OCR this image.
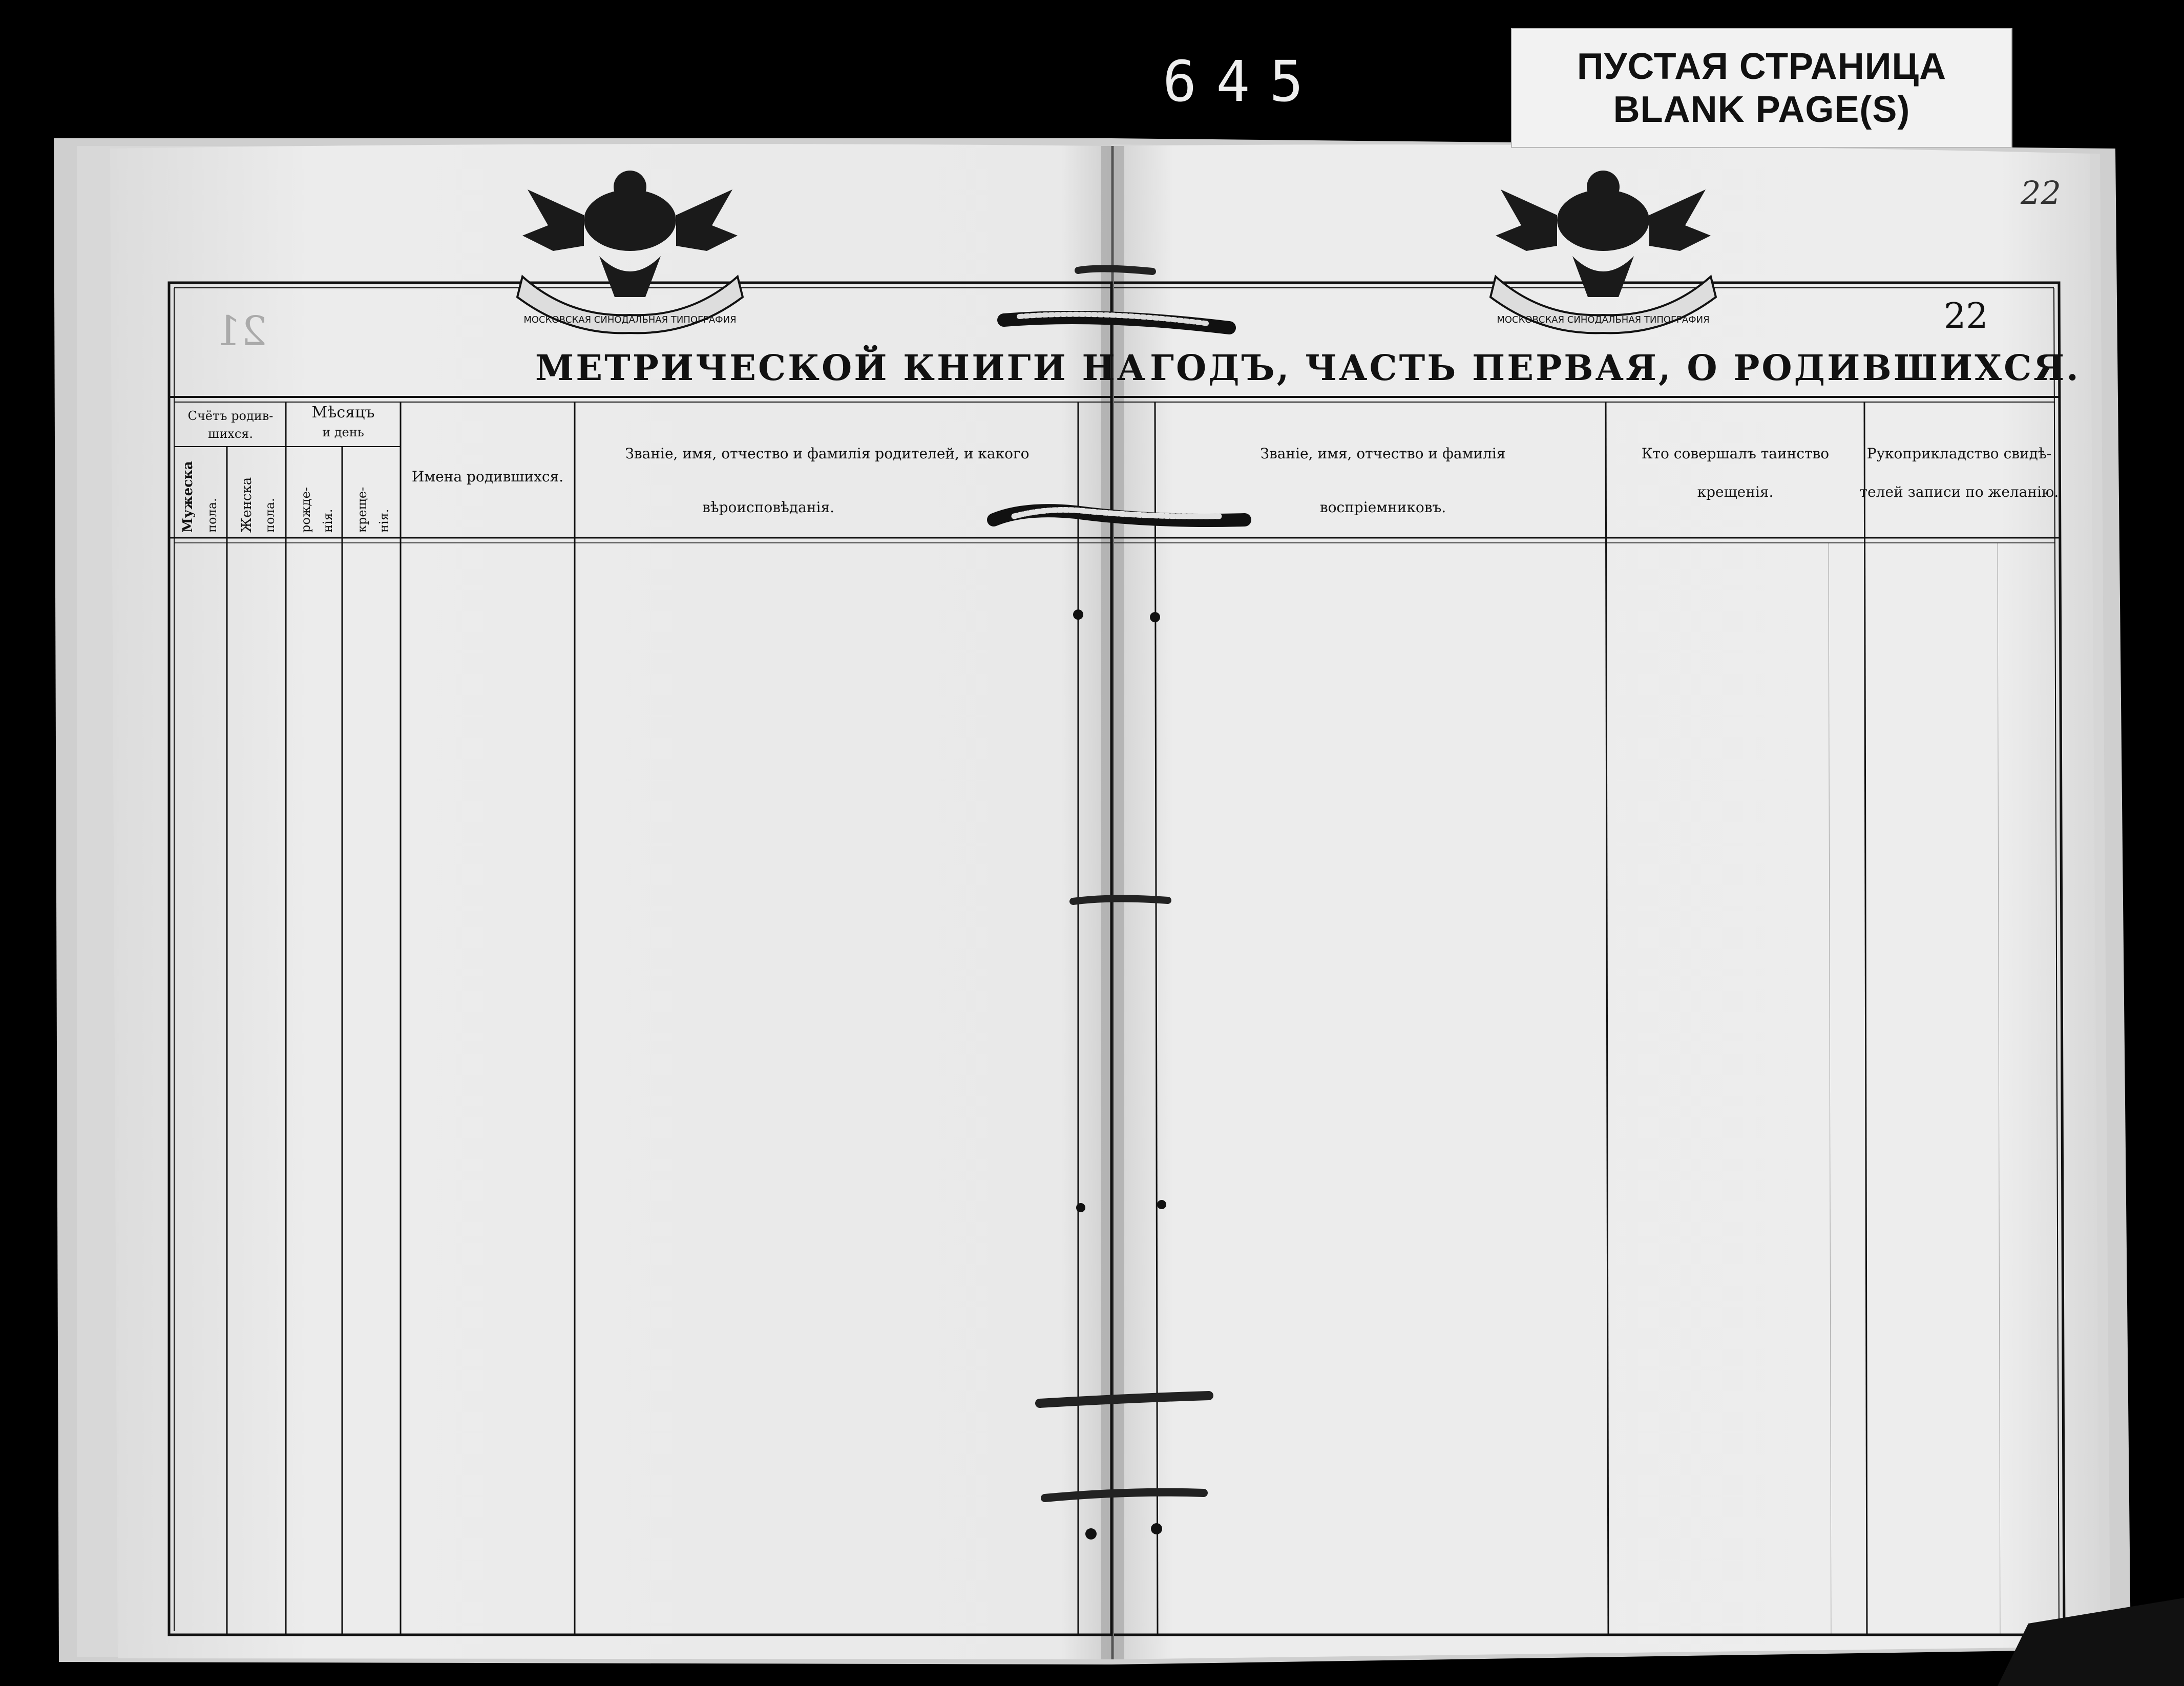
МОСКОВСКАЯ СИНОДАЛЬНАЯ ТИПОГРАФИЯ	МОСКОВСКАЯ СИНОДАЛЬНАЯ ТИПОГРАФИЯ
МЕТРИЧЕСКОЙ КНИГИ НА ГОДЪ, ЧАСТЬ ПЕРВАЯ, О РОДИВШИХСЯ.
Счётъ родив-
шихся.
Мѣсяцъ
и день
Мужеска пола. Женска пола. рожде- нія. креще- нія.
Имена родившихся.
Званіе, имя, отчество и фамилія родителей, и какого
вѣроисповѣданія.
Званіе, имя, отчество и фамилія
воспріемниковъ.
Кто совершалъ таинство
крещенія.
Рукоприкладство свидѣ-
телей записи по желанію.
645	ПУСТАЯ СТРАНИЦА
BLANK PAGE(S)
22
22
21
